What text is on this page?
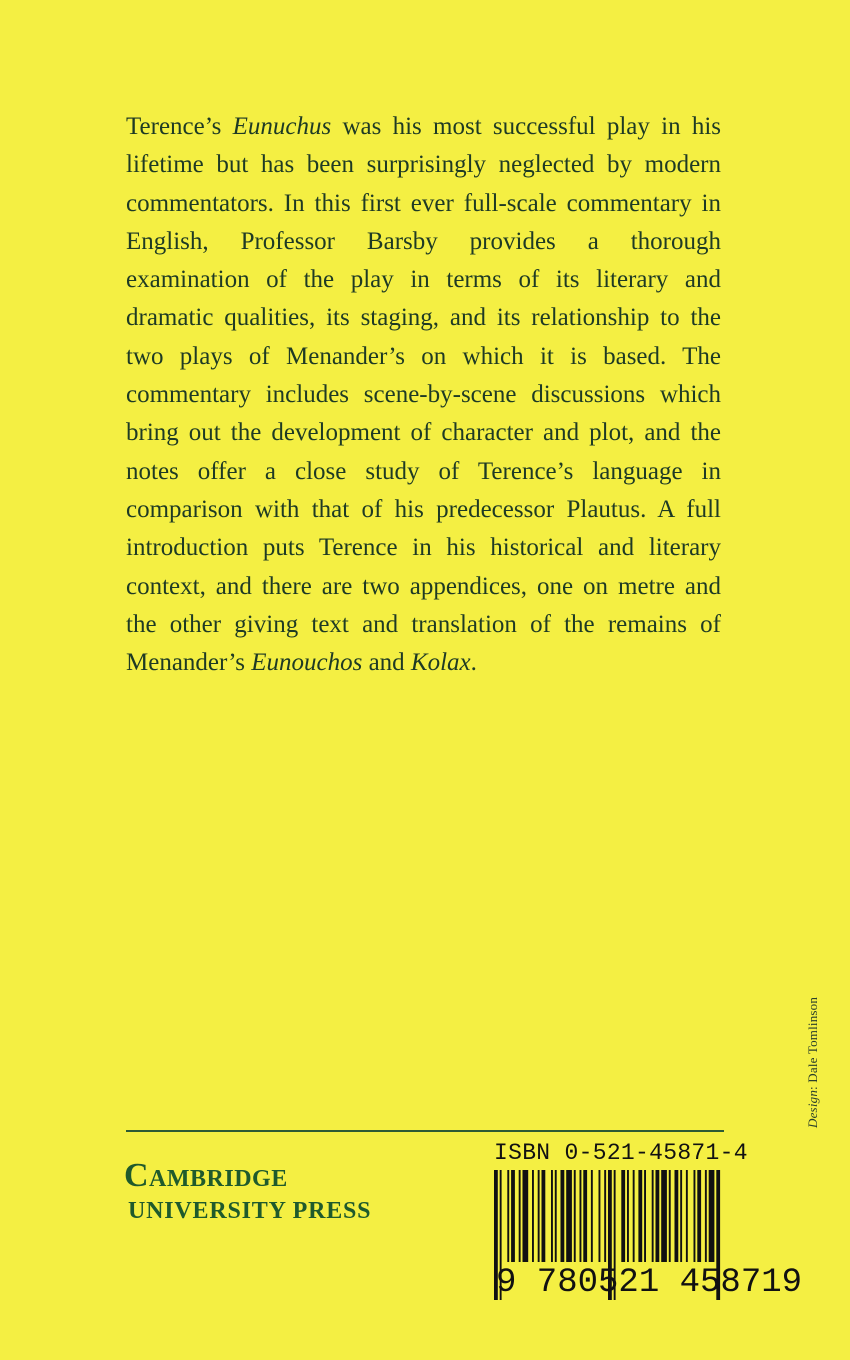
Terence’s Eunuchus was his most successful play in his lifetime but has been surprisingly neglected by modern commentators. In this first ever full-scale commentary in English, Professor Barsby provides a thorough examination of the play in terms of its literary and dramatic qualities, its staging, and its relationship to the two plays of Menander’s on which it is based. The commentary includes scene-by-scene discussions which bring out the development of character and plot, and the notes offer a close study of Terence’s language in comparison with that of his predecessor Plautus. A full introduction puts Terence in his historical and literary context, and there are two appendices, one on metre and the other giving text and translation of the remains of Menander’s Eunouchos and Kolax.

Design: Dale Tomlinson
Cambridge
UNIVERSITY PRESS
ISBN 0-521-45871-4
9 780521 458719
